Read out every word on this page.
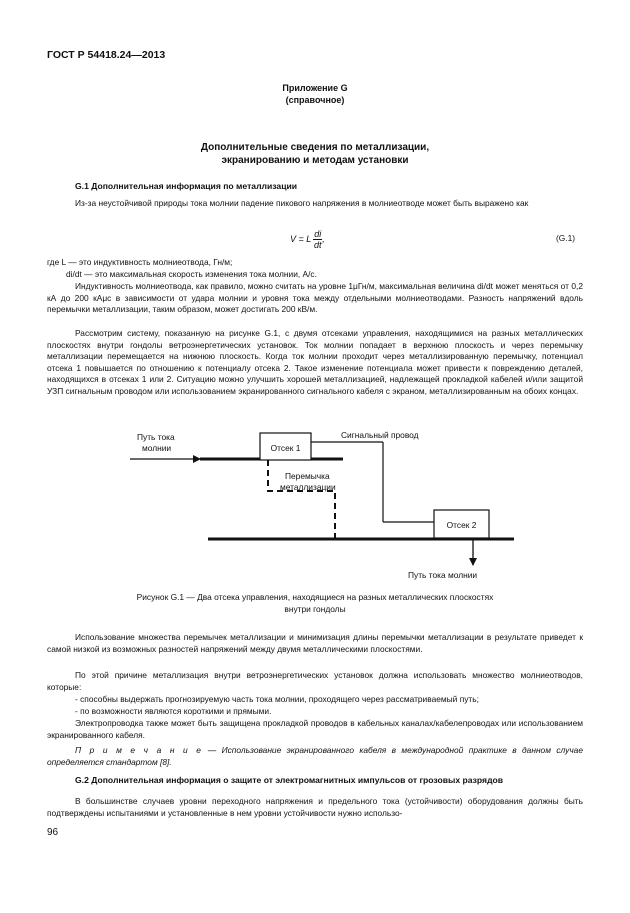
ГОСТ Р 54418.24—2013
Приложение G
(справочное)
Дополнительные сведения по металлизации,
экранированию и методам установки
G.1 Дополнительная информация по металлизации
Из-за неустойчивой природы тока молнии падение пикового напряжения в молниеотводе может быть выражено как
V = L $\frac{di}{dt}$ ,	(G.1)
где L — это индуктивность молниеотвода, Гн/м;
di/dt — это максимальная скорость изменения тока молнии, А/с.
Индуктивность молниеотвода, как правило, можно считать на уровне 1μГн/м, максимальная величина di/dt может меняться от 0,2 кА до 200 кАμс в зависимости от удара молнии и уровня тока между отдельными молниеотводами. Разность напряжений вдоль перемычки металлизации, таким образом, может достигать 200 кВ/м.
Рассмотрим систему, показанную на рисунке G.1, с двумя отсеками управления, находящимися на разных металлических плоскостях внутри гондолы ветроэнергетических установок. Ток молнии попадает в верхнюю плоскость и через перемычку металлизации перемещается на нижнюю плоскость. Когда ток молнии проходит через металлизированную перемычку, потенциал отсека 1 повышается по отношению к потенциалу отсека 2. Такое изменение потенциала может привести к повреждению деталей, находящихся в отсеках 1 или 2. Ситуацию можно улучшить хорошей металлизацией, надлежащей прокладкой кабелей и/или защитой УЗП сигнальным проводом или использованием экранированного сигнального кабеля с экраном, металлизированным на обоих концах.
Путь тока
молнии	Отсек 1
Сигнальный провод
Перемычка
металлизации
Отсек 2
Путь тока молнии
Рисунок G.1 — Два отсека управления, находящиеся на разных металлических плоскостях
внутри гондолы
Использование множества перемычек металлизации и минимизация длины перемычки металлизации в результате приведет к самой низкой из возможных разностей напряжений между двумя металлическими плоскостями.
По этой причине металлизация внутри ветроэнергетических установок должна использовать множество молниеотводов, которые:
- способны выдержать прогнозируемую часть тока молнии, проходящего через рассматриваемый путь;
- по возможности являются короткими и прямыми.
Электропроводка также может быть защищена прокладкой проводов в кабельных каналах/кабелепроводах или использованием экранированного кабеля.
П р и м е ч а н и е — Использование экранированного кабеля в международной практике в данном случае определяется стандартом [8].
G.2 Дополнительная информация о защите от электромагнитных импульсов от грозовых разрядов
В большинстве случаев уровни переходного напряжения и предельного тока (устойчивости) оборудования должны быть подтверждены испытаниями и установленные в нем уровни устойчивости нужно использо-
96
